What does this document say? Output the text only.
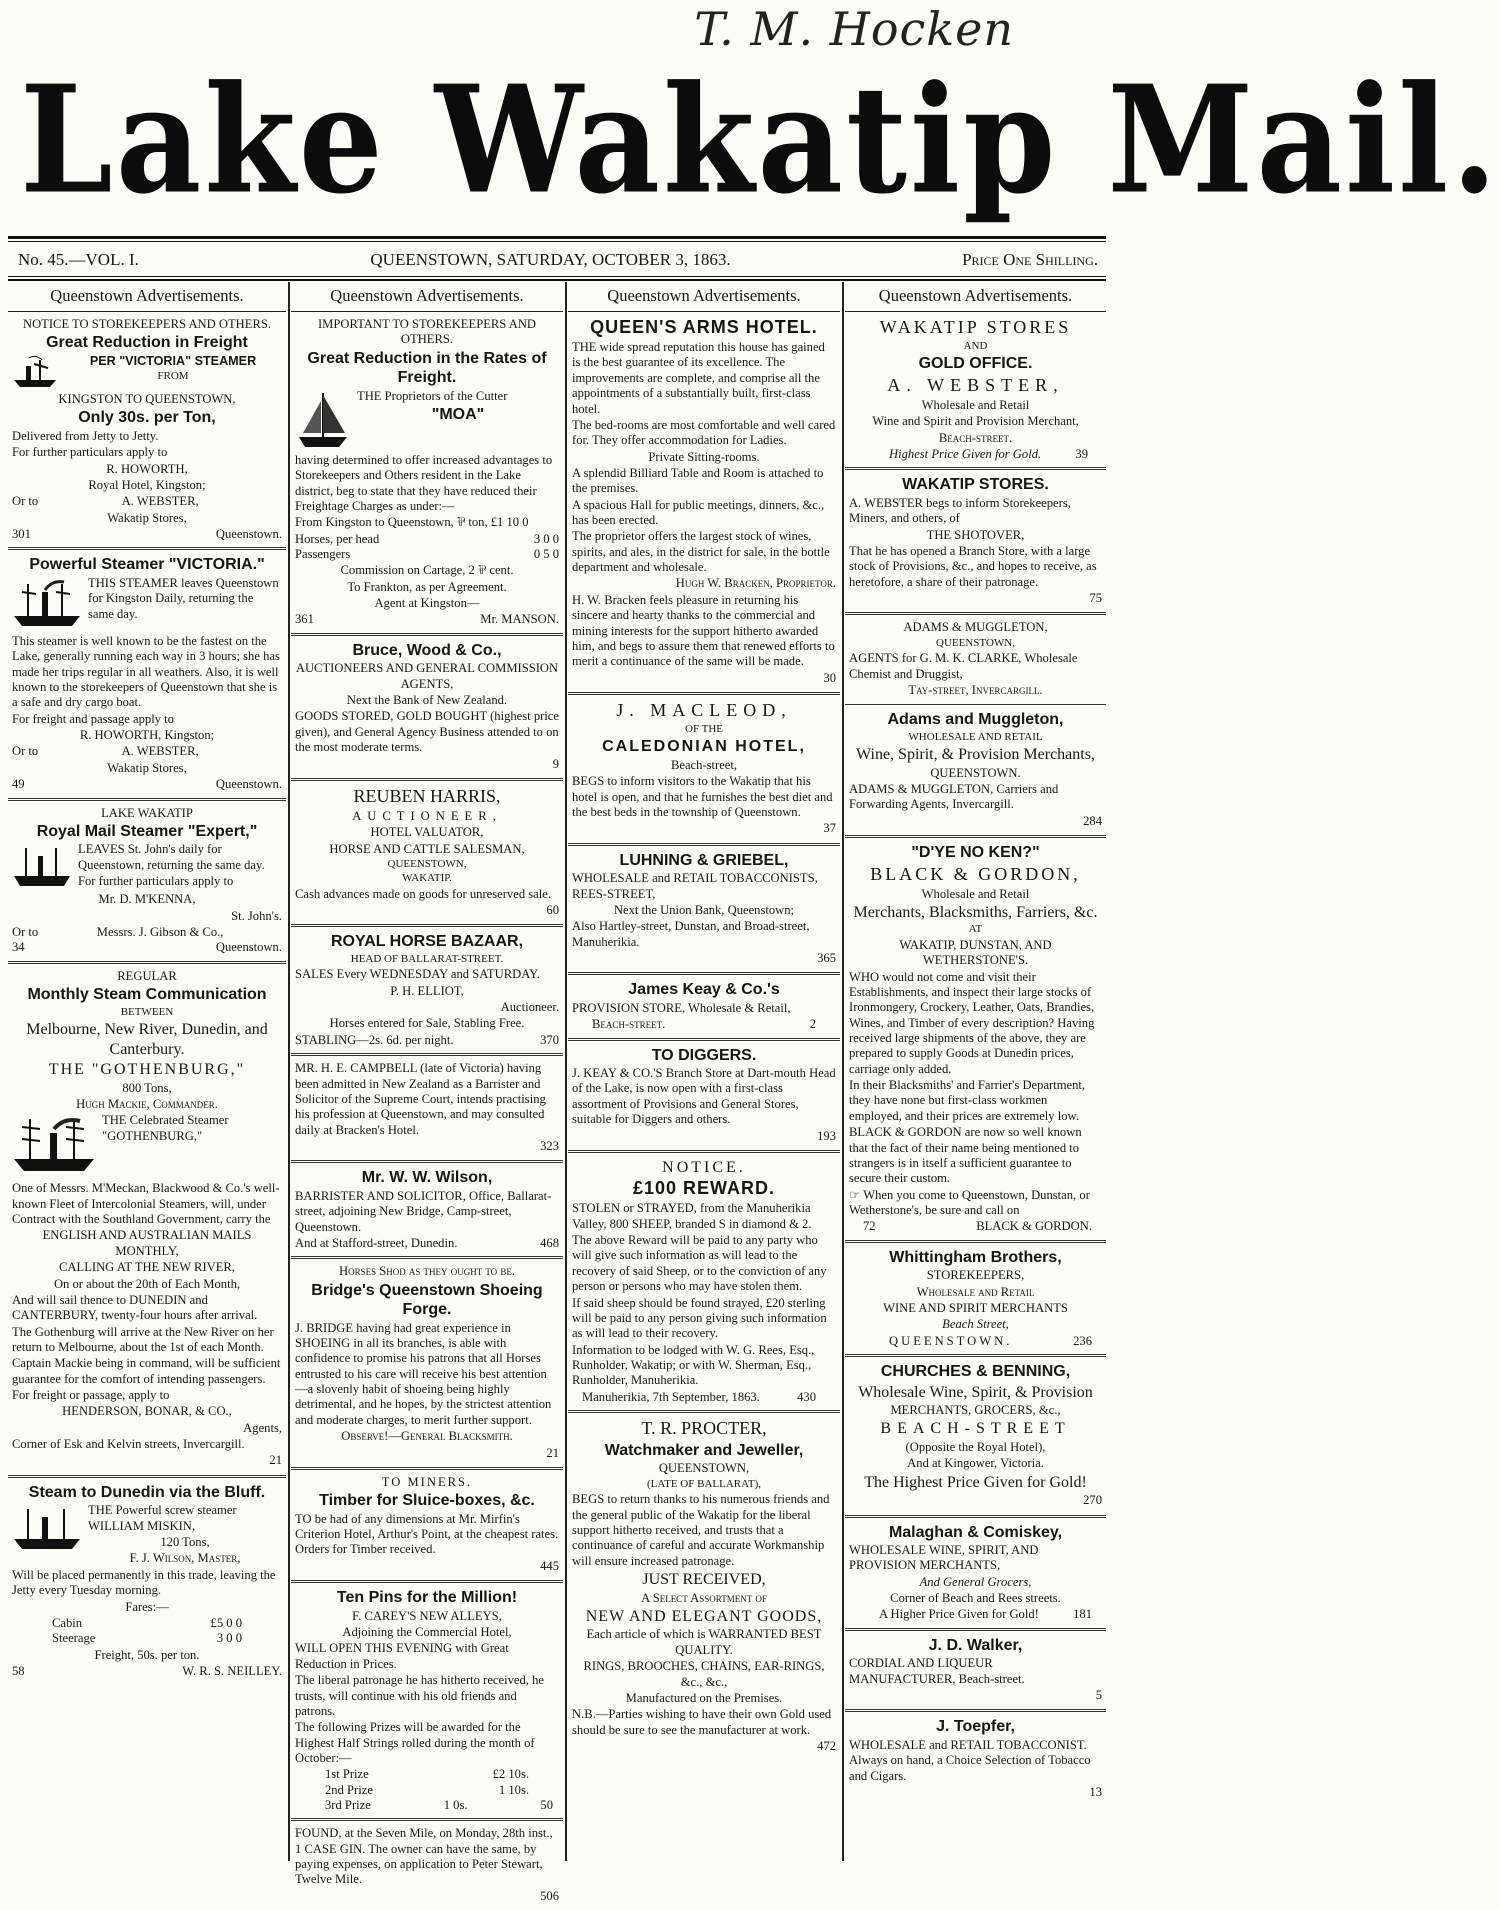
T. M. Hocken
Lake Wakatip Mail.
No. 45.—VOL. I.	QUEENSTOWN, SATURDAY, OCTOBER 3, 1863.	Price One Shilling.
Queenstown Advertisements.

NOTICE TO STOREKEEPERS AND OTHERS.

Great Reduction in Freight

PER "VICTORIA" STEAMER

FROM

KINGSTON TO QUEENSTOWN,

Only 30s. per Ton,

Delivered from Jetty to Jetty.

For further particulars apply to

R. HOWORTH,

Royal Hotel, Kingston;

Or to	A. WEBSTER,

Wakatip Stores,

301	Queenstown.

Powerful Steamer "VICTORIA."

THIS STEAMER leaves Queenstown for Kingston Daily, returning the same day.

This steamer is well known to be the fastest on the Lake, generally running each way in 3 hours; she has made her trips regular in all weathers. Also, it is well known to the storekeepers of Queenstown that she is a safe and dry cargo boat.

For freight and passage apply to

R. HOWORTH, Kingston;

Or to	A. WEBSTER,

Wakatip Stores,

49	Queenstown.

LAKE WAKATIP

Royal Mail Steamer "Expert,"

LEAVES St. John's daily for Queenstown, returning the same day.

For further particulars apply to

Mr. D. M'KENNA,

St. John's.

Or to	Messrs. J. Gibson & Co.,
34	Queenstown.

REGULAR

Monthly Steam Communication

BETWEEN

Melbourne, New River, Dunedin, and Canterbury.

THE "GOTHENBURG,"

800 Tons,

Hugh Mackie, Commander.

THE Celebrated Steamer "GOTHENBURG,"

One of Messrs. M'Meckan, Blackwood & Co.'s well-known Fleet of Intercolonial Steamers, will, under Contract with the Southland Government, carry the

ENGLISH AND AUSTRALIAN MAILS MONTHLY,

CALLING AT THE NEW RIVER,

On or about the 20th of Each Month,

And will sail thence to DUNEDIN and CANTERBURY, twenty-four hours after arrival.

The Gothenburg will arrive at the New River on her return to Melbourne, about the 1st of each Month.

Captain Mackie being in command, will be sufficient guarantee for the comfort of intending passengers.

For freight or passage, apply to

HENDERSON, BONAR, & CO.,

Agents,

Corner of Esk and Kelvin streets, Invercargill.

21

Steam to Dunedin via the Bluff.

THE Powerful screw steamer WILLIAM MISKIN,

120 Tons,

F. J. Wilson, Master,

Will be placed permanently in this trade, leaving the Jetty every Tuesday morning.

Fares:—

Cabin	£5 0 0
Steerage	3 0 0

Freight, 50s. per ton.

58	W. R. S. NEILLEY.
Queenstown Advertisements.

IMPORTANT TO STOREKEEPERS AND OTHERS.

Great Reduction in the Rates of Freight.

THE Proprietors of the Cutter

"MOA"

having determined to offer increased advantages to Storekeepers and Others resident in the Lake district, beg to state that they have reduced their Freightage Charges as under:—

From Kingston to Queenstown, ⅌ ton, £1 10 0

Horses, per head	3 0 0
Passengers	0 5 0

Commission on Cartage, 2 ⅌ cent.

To Frankton, as per Agreement.

Agent at Kingston—

361	Mr. MANSON.

Bruce, Wood & Co.,

AUCTIONEERS AND GENERAL COMMISSION AGENTS,

Next the Bank of New Zealand.

GOODS STORED, GOLD BOUGHT (highest price given), and General Agency Business attended to on the most moderate terms.

9

REUBEN HARRIS,

AUCTIONEER,

HOTEL VALUATOR,

HORSE AND CATTLE SALESMAN,

QUEENSTOWN,

WAKATIP.

Cash advances made on goods for unreserved sale.

60

ROYAL HORSE BAZAAR,

HEAD OF BALLARAT-STREET.

SALES Every WEDNESDAY and SATURDAY.

P. H. ELLIOT,

Auctioneer.

Horses entered for Sale, Stabling Free.

STABLING—2s. 6d. per night.	370

MR. H. E. CAMPBELL (late of Victoria) having been admitted in New Zealand as a Barrister and Solicitor of the Supreme Court, intends practising his profession at Queenstown, and may consulted daily at Bracken's Hotel.

323

Mr. W. W. Wilson,

BARRISTER AND SOLICITOR, Office, Ballarat-street, adjoining New Bridge, Camp-street, Queenstown.

And at Stafford-street, Dunedin.	468

Horses Shod as they ought to be.

Bridge's Queenstown Shoeing Forge.

J. BRIDGE having had great experience in SHOEING in all its branches, is able with confidence to promise his patrons that all Horses entrusted to his care will receive his best attention—a slovenly habit of shoeing being highly detrimental, and he hopes, by the strictest attention and moderate charges, to merit further support.

Observe!—General Blacksmith.

21

TO MINERS.

Timber for Sluice-boxes, &c.

TO be had of any dimensions at Mr. Mirfin's Criterion Hotel, Arthur's Point, at the cheapest rates. Orders for Timber received.

445

Ten Pins for the Million!

F. CAREY'S NEW ALLEYS,

Adjoining the Commercial Hotel,

WILL OPEN THIS EVENING with Great Reduction in Prices.

The liberal patronage he has hitherto received, he trusts, will continue with his old friends and patrons.

The following Prizes will be awarded for the Highest Half Strings rolled during the month of October:—

1st Prize	£2 10s.
2nd Prize	1 10s.
3rd Prize	1 0s.	50

FOUND, at the Seven Mile, on Monday, 28th inst., 1 CASE GIN. The owner can have the same, by paying expenses, on application to Peter Stewart, Twelve Mile.

506

Queenstown Advertisements.

QUEEN'S ARMS HOTEL.

THE wide spread reputation this house has gained is the best guarantee of its excellence. The improvements are complete, and comprise all the appointments of a substantially built, first-class hotel.

The bed-rooms are most comfortable and well cared for. They offer accommodation for Ladies.

Private Sitting-rooms.

A splendid Billiard Table and Room is attached to the premises.

A spacious Hall for public meetings, dinners, &c., has been erected.

The proprietor offers the largest stock of wines, spirits, and ales, in the district for sale, in the bottle department and wholesale.

Hugh W. Bracken, Proprietor.

H. W. Bracken feels pleasure in returning his sincere and hearty thanks to the commercial and mining interests for the support hitherto awarded him, and begs to assure them that renewed efforts to merit a continuance of the same will be made.

30

J. MACLEOD,

OF THE

CALEDONIAN HOTEL,

Beach-street,

BEGS to inform visitors to the Wakatip that his hotel is open, and that he furnishes the best diet and the best beds in the township of Queenstown.

37

LUHNING & GRIEBEL,

WHOLESALE and RETAIL TOBACCONISTS, REES-STREET,

Next the Union Bank, Queenstown;

Also Hartley-street, Dunstan, and Broad-street, Manuherikia.

365

James Keay & Co.'s

PROVISION STORE, Wholesale & Retail,

Beach-street.	2

TO DIGGERS.

J. KEAY & CO.'S Branch Store at Dart-mouth Head of the Lake, is now open with a first-class assortment of Provisions and General Stores, suitable for Diggers and others.

193

NOTICE.

£100 REWARD.

STOLEN or STRAYED, from the Manuherikia Valley, 800 SHEEP, branded S in diamond & 2.

The above Reward will be paid to any party who will give such information as will lead to the recovery of said Sheep, or to the conviction of any person or persons who may have stolen them.

If said sheep should be found strayed, £20 sterling will be paid to any person giving such information as will lead to their recovery.

Information to be lodged with W. G. Rees, Esq., Runholder, Wakatip; or with W. Sherman, Esq., Runholder, Manuherikia.

Manuherikia, 7th September, 1863.	430

T. R. PROCTER,

Watchmaker and Jeweller,

QUEENSTOWN,

(LATE OF BALLARAT),

BEGS to return thanks to his numerous friends and the general public of the Wakatip for the liberal support hitherto received, and trusts that a continuance of careful and accurate Workmanship will ensure increased patronage.

JUST RECEIVED,

A Select Assortment of

NEW AND ELEGANT GOODS,

Each article of which is WARRANTED BEST QUALITY.

RINGS, BROOCHES, CHAINS, EAR-RINGS, &c., &c.,

Manufactured on the Premises.

N.B.—Parties wishing to have their own Gold used should be sure to see the manufacturer at work.

472

Queenstown Advertisements.

WAKATIP STORES

AND

GOLD OFFICE.

A. WEBSTER,

Wholesale and Retail

Wine and Spirit and Provision Merchant,

Beach-street.

Highest Price Given for Gold.	39

WAKATIP STORES.

A. WEBSTER begs to inform Storekeepers, Miners, and others, of

THE SHOTOVER,

That he has opened a Branch Store, with a large stock of Provisions, &c., and hopes to receive, as heretofore, a share of their patronage.

75

ADAMS & MUGGLETON,

QUEENSTOWN,

AGENTS for G. M. K. CLARKE, Wholesale Chemist and Druggist,

Tay-street, Invercargill.

Adams and Muggleton,

WHOLESALE AND RETAIL

Wine, Spirit, & Provision Merchants,

QUEENSTOWN.

ADAMS & MUGGLETON, Carriers and Forwarding Agents, Invercargill.

284

"D'YE NO KEN?"

BLACK & GORDON,

Wholesale and Retail

Merchants, Blacksmiths, Farriers, &c.

AT

WAKATIP, DUNSTAN, AND WETHERSTONE'S.

WHO would not come and visit their Establishments, and inspect their large stocks of Ironmongery, Crockery, Leather, Oats, Brandies, Wines, and Timber of every description? Having received large shipments of the above, they are prepared to supply Goods at Dunedin prices, carriage only added.

In their Blacksmiths' and Farrier's Department, they have none but first-class workmen employed, and their prices are extremely low.

BLACK & GORDON are now so well known that the fact of their name being mentioned to strangers is in itself a sufficient guarantee to secure their custom.

☞ When you come to Queenstown, Dunstan, or Wetherstone's, be sure and call on

72	BLACK & GORDON.

Whittingham Brothers,

STOREKEEPERS,

Wholesale and Retail

WINE AND SPIRIT MERCHANTS

Beach Street,

QUEENSTOWN.	236

CHURCHES & BENNING,

Wholesale Wine, Spirit, & Provision

MERCHANTS, GROCERS, &c.,

BEACH-STREET

(Opposite the Royal Hotel),

And at Kingower, Victoria.

The Highest Price Given for Gold!

270

Malaghan & Comiskey,

WHOLESALE WINE, SPIRIT, AND PROVISION MERCHANTS,

And General Grocers,

Corner of Beach and Rees streets.

A Higher Price Given for Gold!	181

J. D. Walker,

CORDIAL AND LIQUEUR MANUFACTURER, Beach-street.

5

J. Toepfer,

WHOLESALE and RETAIL TOBACCONIST. Always on hand, a Choice Selection of Tobacco and Cigars.

13
